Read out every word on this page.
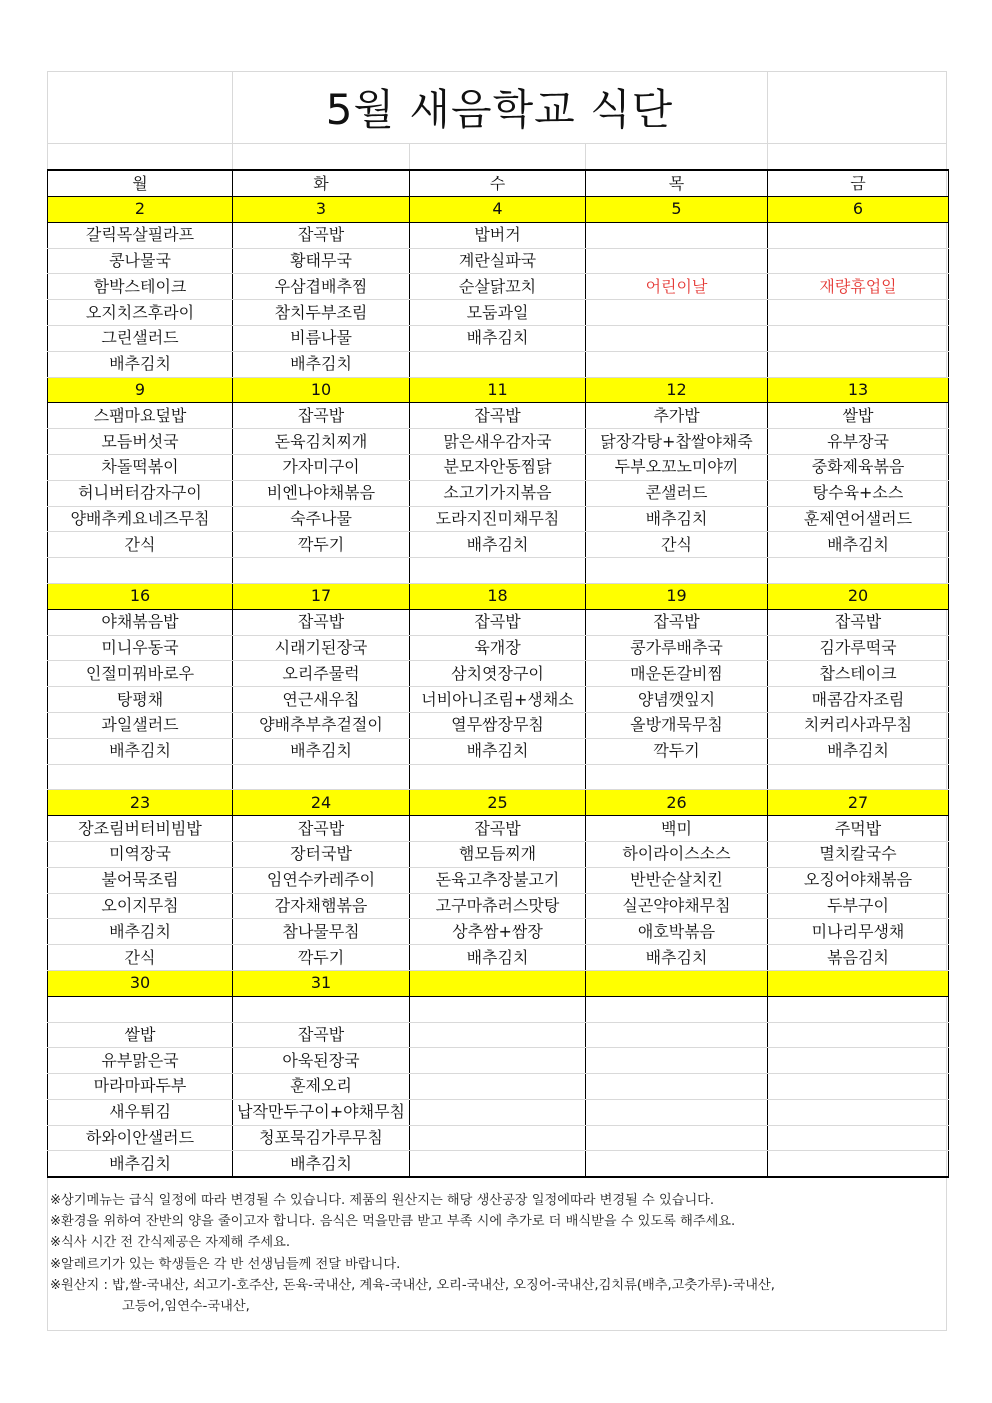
5월 새음학교 식단
월	화	수	목	금
2	3	4	5	6
갈릭목살필라프	잡곡밥	밥버거		
콩나물국	황태무국	계란실파국		
함박스테이크	우삼겹배추찜	순살닭꼬치	어린이날	재량휴업일
오지치즈후라이	참치두부조림	모둠과일		
그린샐러드	비름나물	배추김치		
배추김치	배추김치			
9	10	11	12	13
스팸마요덮밥	잡곡밥	잡곡밥	추가밥	쌀밥
모듬버섯국	돈육김치찌개	맑은새우감자국	닭장각탕+찹쌀야채죽	유부장국
차돌떡볶이	가자미구이	분모자안동찜닭	두부오꼬노미야끼	중화제육볶음
허니버터감자구이	비엔나야채볶음	소고기가지볶음	콘샐러드	탕수육+소스
양배추케요네즈무침	숙주나물	도라지진미채무침	배추김치	훈제연어샐러드
간식	깍두기	배추김치	간식	배추김치

16	17	18	19	20
야채볶음밥	잡곡밥	잡곡밥	잡곡밥	잡곡밥
미니우동국	시래기된장국	육개장	콩가루배추국	김가루떡국
인절미꿔바로우	오리주물럭	삼치엿장구이	매운돈갈비찜	찹스테이크
탕평채	연근새우칩	너비아니조림+생채소	양념깻잎지	매콤감자조림
과일샐러드	양배추부추겉절이	열무쌈장무침	올방개묵무침	치커리사과무침
배추김치	배추김치	배추김치	깍두기	배추김치

23	24	25	26	27
장조림버터비빔밥	잡곡밥	잡곡밥	백미	주먹밥
미역장국	장터국밥	햄모듬찌개	하이라이스소스	멸치칼국수
불어묵조림	임연수카레주이	돈육고추장불고기	반반순살치킨	오징어야채볶음
오이지무침	감자채햄볶음	고구마츄러스맛탕	실곤약야채무침	두부구이
배추김치	참나물무침	상추쌈+쌈장	애호박볶음	미나리무생채
간식	깍두기	배추김치	배추김치	볶음김치
30	31			

쌀밥	잡곡밥			
유부맑은국	아욱된장국			
마라마파두부	훈제오리			
새우튀김	납작만두구이+야채무침			
하와이안샐러드	청포묵김가루무침			
배추김치	배추김치			
※상기메뉴는 급식 일정에 따라 변경될 수 있습니다. 제품의 원산지는 해당 생산공장 일정에따라 변경될 수 있습니다.
※환경을 위하여 잔반의 양을 줄이고자 합니다. 음식은 먹을만큼 받고 부족 시에 추가로 더 배식받을 수 있도록 해주세요.
※식사 시간 전 간식제공은 자제해 주세요.
※알레르기가 있는 학생들은 각 반 선생님들께 전달 바랍니다.
※원산지 : 밥,쌀-국내산, 쇠고기-호주산, 돈육-국내산, 계육-국내산, 오리-국내산, 오징어-국내산,김치류(배추,고춧가루)-국내산,
고등어,임연수-국내산,
